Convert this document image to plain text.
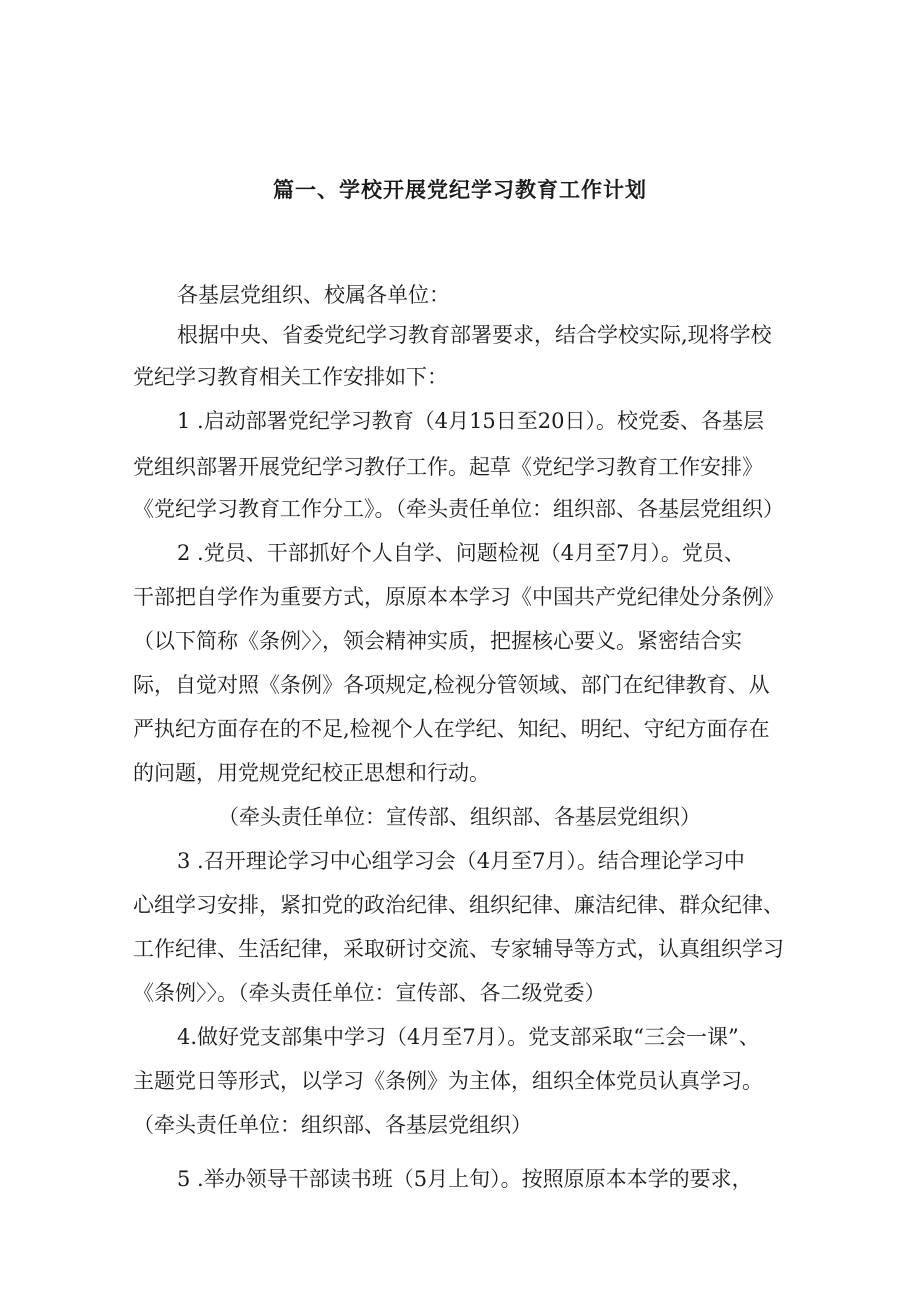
篇一、学校开展党纪学习教育工作计划
各基层党组织、校属各单位：
根据中央、省委党纪学习教育部署要求，结合学校实际,现将学校
党纪学习教育相关工作安排如下：
1 .启动部署党纪学习教育（4月15日至20日）。校党委、各基层
党组织部署开展党纪学习教仔工作。起草《党纪学习教育工作安排》
《党纪学习教育工作分工》。（牵头责任单位：组织部、各基层党组织）
2 .党员、干部抓好个人自学、问题检视（4月至7月）。党员、
干部把自学作为重要方式，原原本本学习《中国共产党纪律处分条例》
（以下简称《条例〉〉，领会精神实质，把握核心要义。紧密结合实
际，自觉对照《条例》各项规定,检视分管领域、部门在纪律教育、从
严执纪方面存在的不足,检视个人在学纪、知纪、明纪、守纪方面存在
的问题，用党规党纪校正思想和行动。
（牵头责任单位：宣传部、组织部、各基层党组织）
3 .召开理论学习中心组学习会（4月至7月）。结合理论学习中
心组学习安排，紧扣党的政治纪律、组织纪律、廉洁纪律、群众纪律、
工作纪律、生活纪律，采取研讨交流、专家辅导等方式，认真组织学习
《条例〉〉。（牵头责任单位：宣传部、各二级党委）
4.做好党支部集中学习（4月至7月）。党支部采取“三会一课”、
主题党日等形式，以学习《条例》为主体，组织全体党员认真学习。
（牵头责任单位：组织部、各基层党组织）
5 .举办领导干部读书班（5月上旬）。按照原原本本学的要求，
